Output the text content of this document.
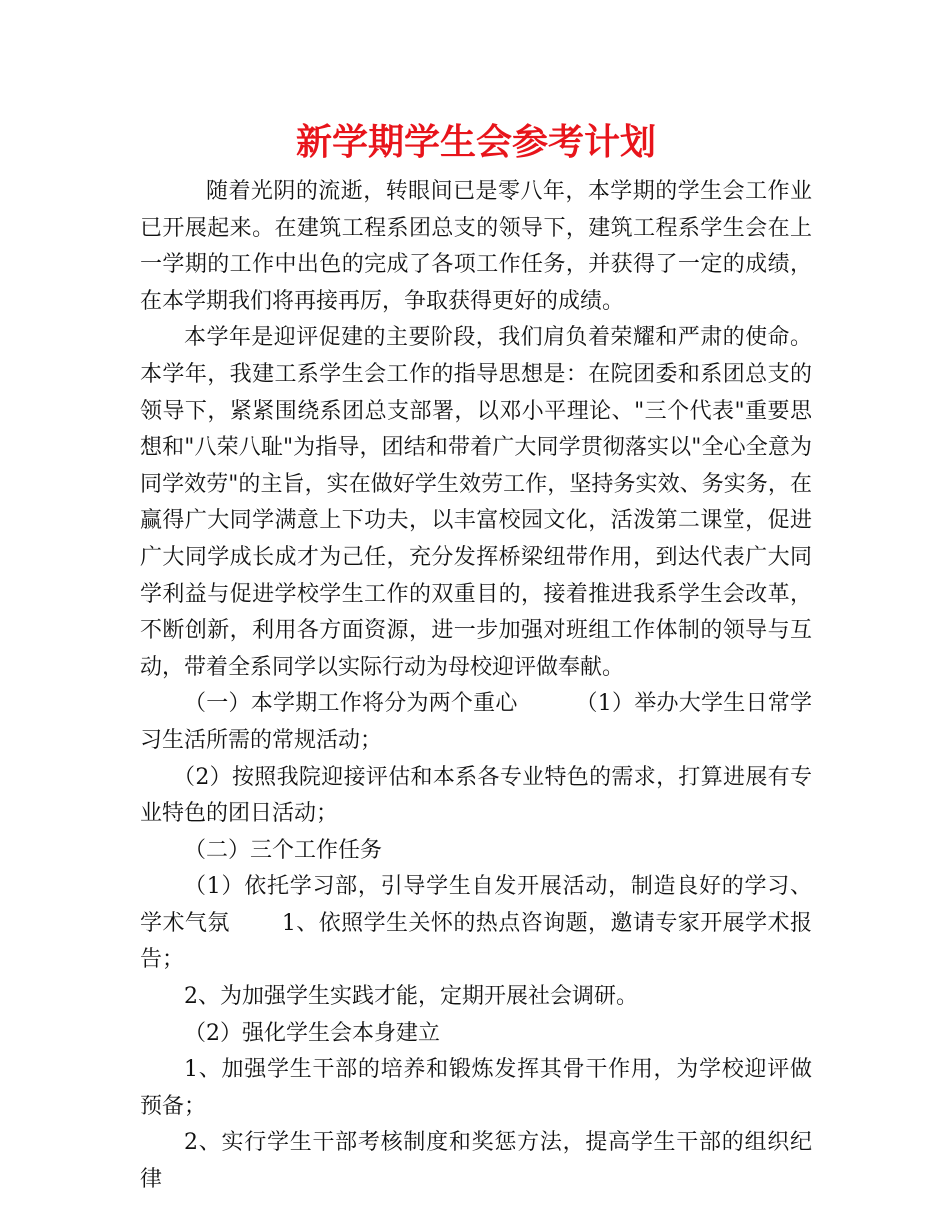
新学期学生会参考计划

随着光阴的流逝，转眼间已是零八年，本学期的学生会工作业已开展起来。在建筑工程系团总支的领导下，建筑工程系学生会在上一学期的工作中出色的完成了各项工作任务，并获得了一定的成绩，在本学期我们将再接再厉，争取获得更好的成绩。

本学年是迎评促建的主要阶段，我们肩负着荣耀和严肃的使命。本学年，我建工系学生会工作的指导思想是：在院团委和系团总支的领导下，紧紧围绕系团总支部署，以邓小平理论、"三个代表"重要思想和"八荣八耻"为指导，团结和带着广大同学贯彻落实以"全心全意为同学效劳"的主旨，实在做好学生效劳工作，坚持务实效、务实务，在赢得广大同学满意上下功夫，以丰富校园文化，活泼第二课堂，促进广大同学成长成才为己任，充分发挥桥梁纽带作用，到达代表广大同学利益与促进学校学生工作的双重目的，接着推进我系学生会改革，不断创新，利用各方面资源，进一步加强对班组工作体制的领导与互动，带着全系同学以实际行动为母校迎评做奉献。

（一）本学期工作将分为两个重心        （1）举办大学生日常学习生活所需的常规活动；

（2）按照我院迎接评估和本系各专业特色的需求，打算进展有专业特色的团日活动；

（二）三个工作任务

（1）依托学习部，引导学生自发开展活动，制造良好的学习、学术气氛       1、依照学生关怀的热点咨询题，邀请专家开展学术报告；

2、为加强学生实践才能，定期开展社会调研。

（2）强化学生会本身建立

1、加强学生干部的培养和锻炼发挥其骨干作用，为学校迎评做预备；

2、实行学生干部考核制度和奖惩方法，提高学生干部的组织纪律
